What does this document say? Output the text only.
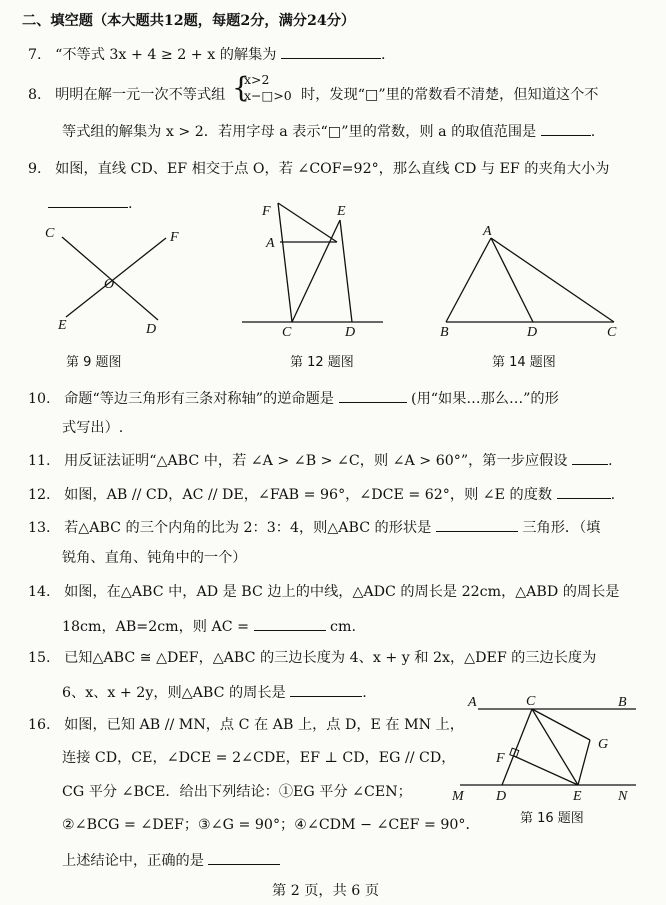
二、填空题（本大题共12题，每题2分，满分24分）
7. “不等式 3x + 4 ≥ 2 + x 的解集为	.
8. 明明在解一元一次不等式组 {
x>2
x−□>0 时，发现“□”里的常数看不清楚，但知道这个不
等式组的解集为 x > 2．若用字母 a 表示“□”里的常数，则 a 的取值范围是	.
9. 如图，直线 CD、EF 相交于点 O，若 ∠COF=92°，那么直线 CD 与 EF 的夹角大小为
.
C	F
O
E	D
F	E
A
C	D
A
B	D	C
第 9 题图	第 12 题图	第 14 题图
10. 命题“等边三角形有三条对称轴”的逆命题是	(用“如果…那么…”的形
式写出）.
11. 用反证法证明“△ABC 中，若 ∠A > ∠B > ∠C，则 ∠A > 60°”，第一步应假设	.
12. 如图，AB // CD，AC // DE，∠FAB = 96°，∠DCE = 62°，则 ∠E 的度数	.
13. 若△ABC 的三个内角的比为 2：3：4，则△ABC 的形状是	三角形．（填
锐角、直角、钝角中的一个）
14. 如图，在△ABC 中，AD 是 BC 边上的中线，△ADC 的周长是 22cm，△ABD 的周长是
18cm，AB=2cm，则 AC =	cm.
15. 已知△ABC ≅ △DEF，△ABC 的三边长度为 4、x + y 和 2x，△DEF 的三边长度为
6、x、x + 2y，则△ABC 的周长是	.
16. 如图，已知 AB // MN，点 C 在 AB 上，点 D，E 在 MN 上，
连接 CD，CE，∠DCE = 2∠CDE，EF ⊥ CD，EG // CD，
CG 平分 ∠BCE．给出下列结论：①EG 平分 ∠CEN；
②∠BCG = ∠DEF；③∠G = 90°；④∠CDM − ∠CEF = 90°．
上述结论中，正确的是
A	C	B
G
F
M D	E	N
第 16 题图
第 2 页，共 6 页
